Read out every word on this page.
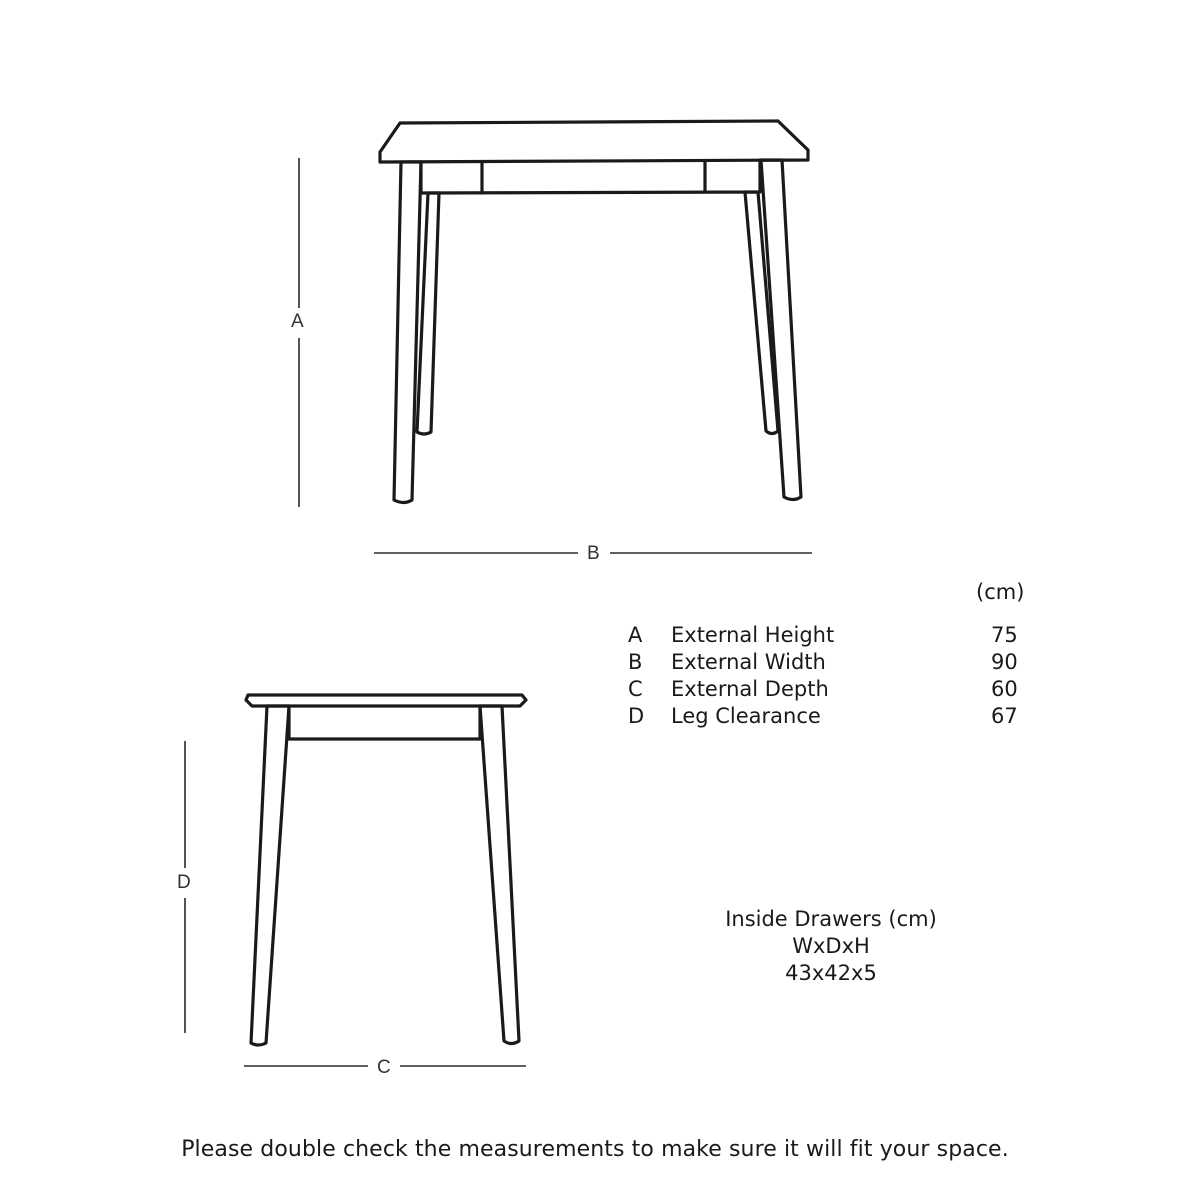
A
B
C
D
(cm)
A	External Height	75
B	External Width	90
C	External Depth	60
D	Leg Clearance	67
Inside Drawers (cm)
WxDxH
43x42x5
Please double check the measurements to make sure it will fit your space.
